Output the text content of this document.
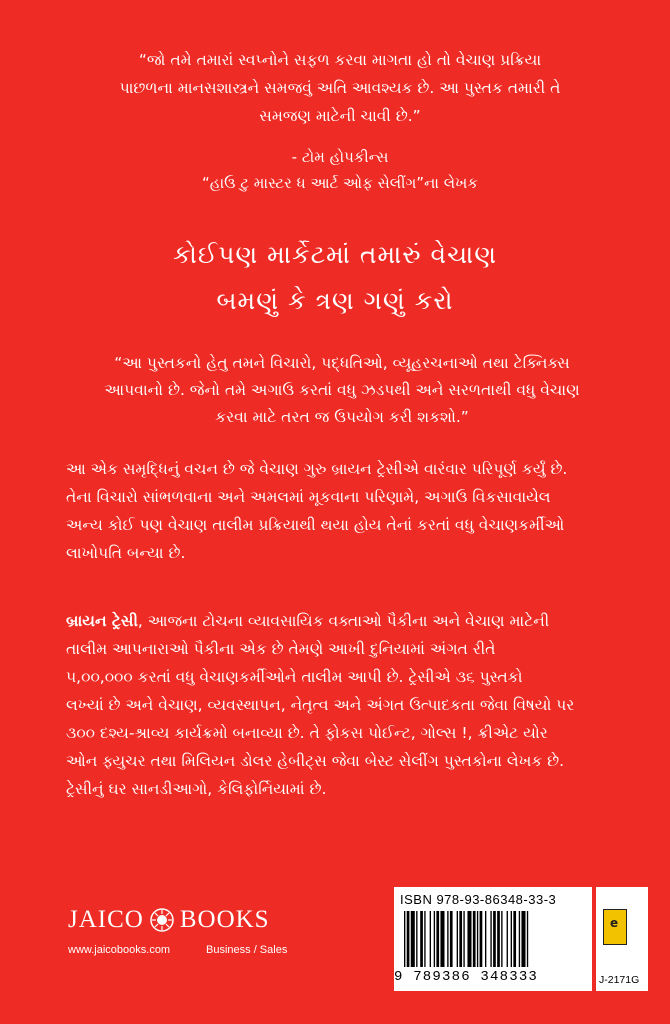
“જો તમે તમારાં સ્વપ્નોને સફળ કરવા માગતા હો તો વેચાણ પ્રક્રિયા
પાછળના માનસશાસ્ત્રને સમજવું અતિ આવશ્યક છે. આ પુસ્તક તમારી તે
સમજણ માટેની ચાવી છે.”
- ટોમ હોપકીન્સ
“હાઉ ટુ માસ્ટર ધ આર્ટ ઓફ સેલીંગ”ના લેખક
કોઈપણ માર્કેટમાં તમારું વેચાણ
બમણું કે ત્રણ ગણું કરો
“આ પુસ્તકનો હેતુ તમને વિચારો, પદ્ધતિઓ, વ્યૂહરચનાઓ તથા ટેક્નિક્સ
આપવાનો છે. જેનો તમે અગાઉ કરતાં વધુ ઝડપથી અને સરળતાથી વધુ વેચાણ
કરવા માટે તરત જ ઉપયોગ કરી શકશો.”
આ એક સમૃદ્ધિનું વચન છે જે વેચાણ ગુરુ બ્રાયન ટ્રેસીએ વારંવાર પરિપૂર્ણ કર્યું છે.
તેના વિચારો સાંભળવાના અને અમલમાં મૂકવાના પરિણામે, અગાઉ વિકસાવાયેલ
અન્ય કોઈ પણ વેચાણ તાલીમ પ્રક્રિયાથી થયા હોય તેનાં કરતાં વધુ વેચાણકર્મીઓ
લાખોપતિ બન્યા છે.
બ્રાયન ટ્રેસી, આજના ટોચના વ્યાવસાયિક વક્તાઓ પૈકીના અને વેચાણ માટેની
તાલીમ આપનારાઓ પૈકીના એક છે તેમણે આખી દુનિયામાં અંગત રીતે
૫,૦૦,૦૦૦ કરતાં વધુ વેચાણકર્મીઓને તાલીમ આપી છે. ટ્રેસીએ ૩૬ પુસ્તકો
લખ્યાં છે અને વેચાણ, વ્યવસ્થાપન, નેતૃત્વ અને અંગત ઉત્પાદકતા જેવા વિષયો પર
૩૦૦ દશ્ય-શ્રાવ્ય કાર્યક્રમો બનાવ્યા છે. તે ફોકસ પોઈન્ટ, ગોલ્સ !, ક્રીએટ યોર
ઓન ફ્યુચર તથા મિલિયન ડોલર હેબીટ્સ જેવા બેસ્ટ સેલીંગ પુસ્તકોના લેખક છે.
ટ્રેસીનું ઘર સાનડીઆગો, કેલિફોર્નિયામાં છે.
JAICO BOOKS
www.jaicobooks.com	Business / Sales
ISBN 978-93-86348-33-3
9 789386 348333
e	J-2171G
